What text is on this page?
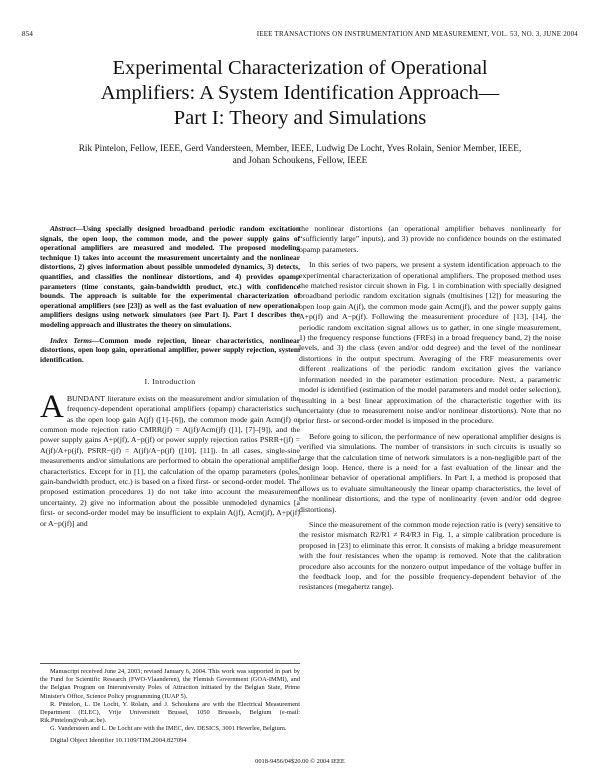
854	IEEE TRANSACTIONS ON INSTRUMENTATION AND MEASUREMENT, VOL. 53, NO. 3, JUNE 2004
Experimental Characterization of Operational
Amplifiers: A System Identification Approach—
Part I: Theory and Simulations
Rik Pintelon, Fellow, IEEE, Gerd Vandersteen, Member, IEEE, Ludwig De Locht, Yves Rolain, Senior Member, IEEE,
and Johan Schoukens, Fellow, IEEE

Abstract—Using specially designed broadband periodic random excitation signals, the open loop, the common mode, and the power supply gains of operational amplifiers are measured and modeled. The proposed modeling technique 1) takes into account the measurement uncertainty and the nonlinear distortions, 2) gives information about possible unmodeled dynamics, 3) detects, quantifies, and classifies the nonlinear distortions, and 4) provides opamp parameters (time constants, gain-bandwidth product, etc.) with confidence bounds. The approach is suitable for the experimental characterization of operational amplifiers (see [23]) as well as the fast evaluation of new operational amplifiers designs using network simulators (see Part I). Part I describes the modeling approach and illustrates the theory on simulations.

Index Terms—Common mode rejection, linear characteristics, nonlinear distortions, open loop gain, operational amplifier, power supply rejection, system identification.

I. Introduction

ABUNDANT literature exists on the measurement and/or simulation of the frequency-dependent operational amplifiers (opamp) characteristics such as the open loop gain A(jf) ([1]–[6]), the common mode gain Acm(jf) or common mode rejection ratio CMRR(jf) = A(jf)/Acm(jf) ([1], [7]–[9]), and the power supply gains A+p(jf), A−p(jf) or power supply rejection ratios PSRR+(jf) = A(jf)/A+p(jf), PSRR−(jf) = A(jf)/A−p(jf) ([10], [11]). In all cases, single-sine measurements and/or simulations are performed to obtain the operational amplifier characteristics. Except for in [1], the calculation of the opamp parameters (poles, gain-bandwidth product, etc.) is based on a fixed first- or second-order model. The proposed estimation procedures 1) do not take into account the measurement uncertainty, 2) give no information about the possible unmodeled dynamics [a first- or second-order model may be insufficient to explain A(jf), Acm(jf), A+p(jf) or A−p(jf)] and

the nonlinear distortions (an operational amplifier behaves nonlinearly for “sufficiently large” inputs), and 3) provide no confidence bounds on the estimated opamp parameters.

In this series of two papers, we present a system identification approach to the experimental characterization of operational amplifiers. The proposed method uses the matched resistor circuit shown in Fig. 1 in combination with specially designed broadband periodic random excitation signals (multisines [12]) for measuring the open loop gain A(jf), the common mode gain Acm(jf), and the power supply gains A+p(jf) and A−p(jf). Following the measurement procedure of [13], [14], the periodic random excitation signal allows us to gather, in one single measurement, 1) the frequency response functions (FRFs) in a broad frequency band, 2) the noise levels, and 3) the class (even and/or odd degree) and the level of the nonlinear distortions in the output spectrum. Averaging of the FRF measurements over different realizations of the periodic random excitation gives the variance information needed in the parameter estimation procedure. Next, a parametric model is identified (estimation of the model parameters and model order selection), resulting in a best linear approximation of the characteristic together with its uncertainty (due to measurement noise and/or nonlinear distortions). Note that no prior first- or second-order model is imposed in the procedure.

Before going to silicon, the performance of new operational amplifier designs is verified via simulations. The number of transistors in such circuits is usually so large that the calculation time of network simulators is a non-negligible part of the design loop. Hence, there is a need for a fast evaluation of the linear and the nonlinear behavior of operational amplifiers. In Part I, a method is proposed that allows us to evaluate simultaneously the linear opamp characteristics, the level of the nonlinear distortions, and the type of nonlinearity (even and/or odd degree distortions).

Since the measurement of the common mode rejection ratio is (very) sensitive to the resistor mismatch R2/R1 ≠ R4/R3 in Fig. 1, a simple calibration procedure is proposed in [23] to eliminate this error. It consists of making a bridge measurement with the four resistances when the opamp is removed. Note that the calibration procedure also accounts for the nonzero output impedance of the voltage buffer in the feedback loop, and for the possible frequency-dependent behavior of the resistances (megahertz range).

Manuscript received June 24, 2003; revised January 6, 2004. This work was supported in part by the Fund for Scientific Research (FWO-Vlaanderen), the Flemish Government (GOA-IMMI), and the Belgian Program on Interuniversity Poles of Attraction initiated by the Belgian State, Prime Minister's Office, Science Policy programming (IUAP 5).

R. Pintelon, L. De Locht, Y. Rolain, and J. Schoukens are with the Electrical Measurement Department (ELEC), Vrije Universiteit Brussel, 1050 Brussels, Belgium (e-mail: Rik.Pintelon@vub.ac.be).

G. Vandersteen and L. De Locht are with the IMEC, dev. DESICS, 3001 Heverlee, Belgium.

Digital Object Identifier 10.1109/TIM.2004.827094

0018-9456/04$20.00 © 2004 IEEE
